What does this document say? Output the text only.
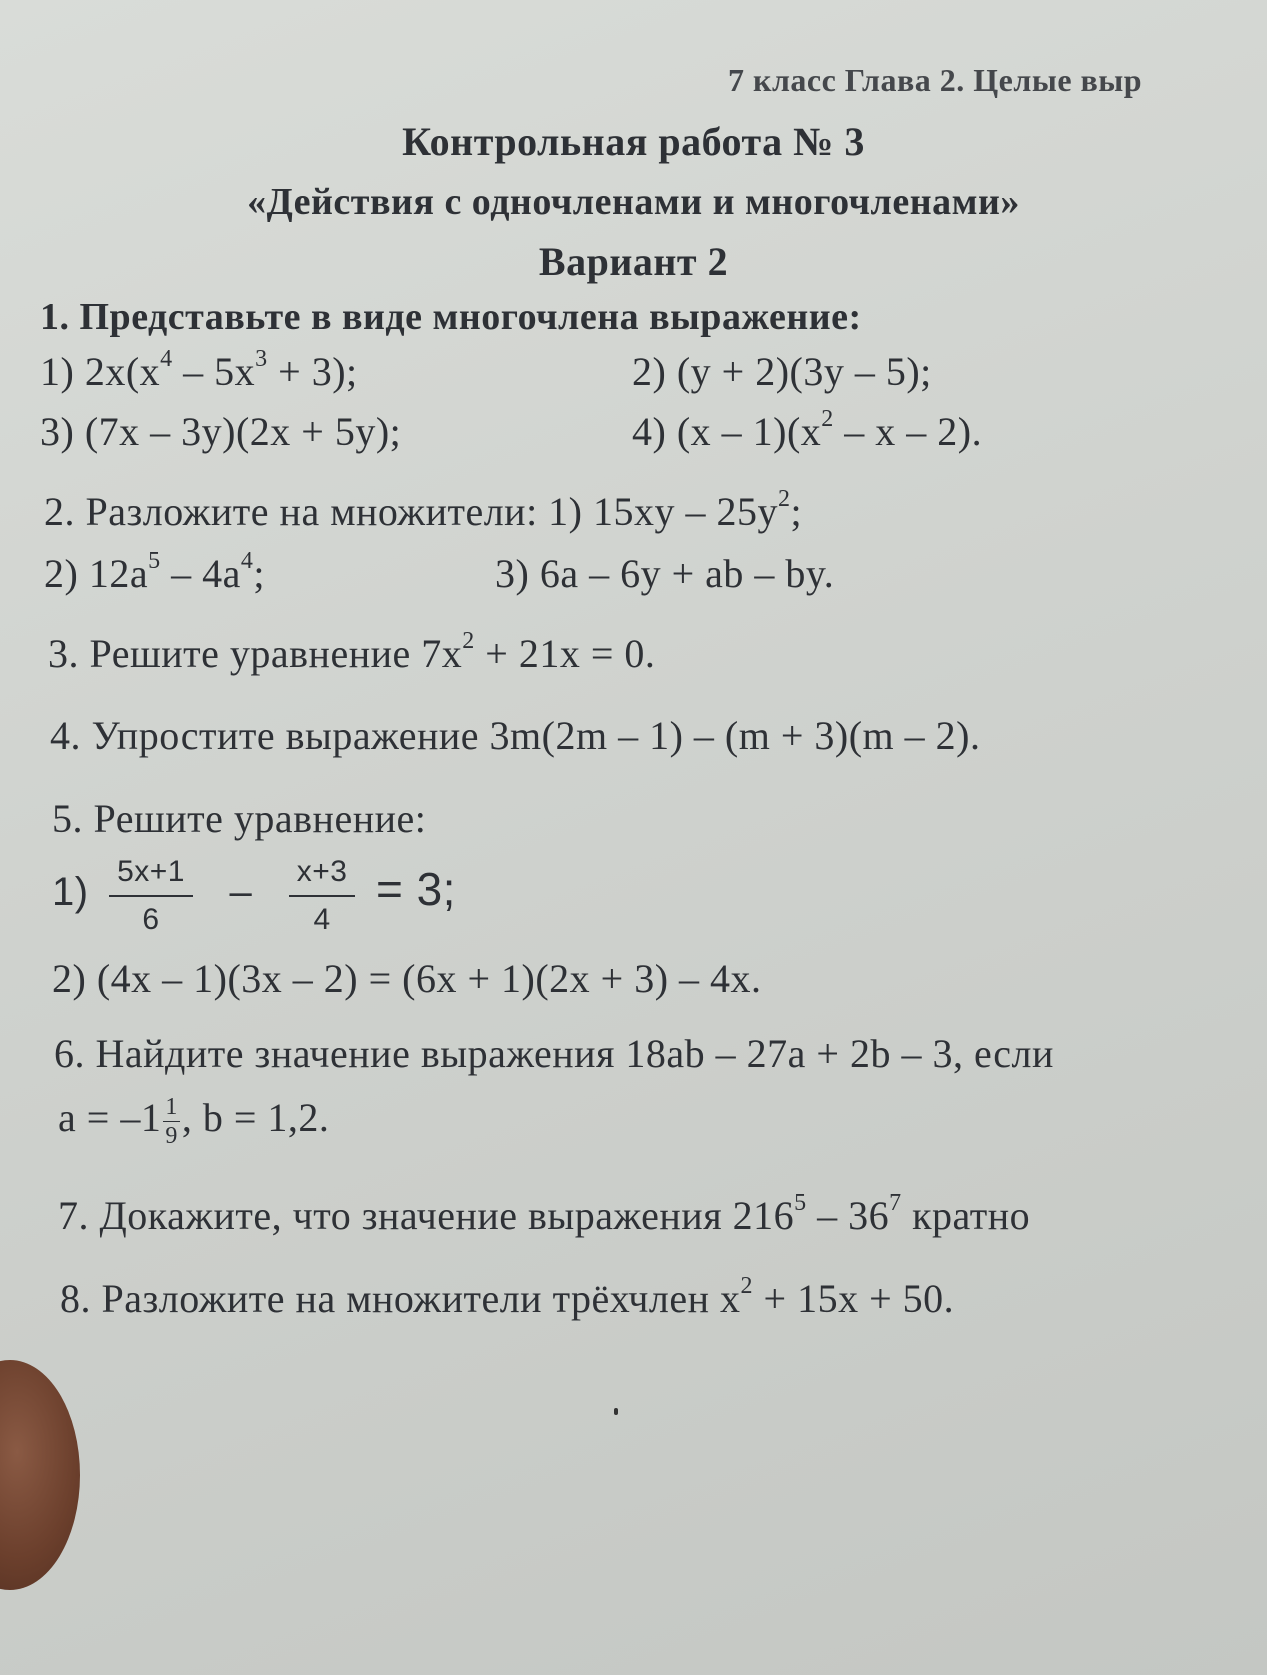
7 класс Глава 2. Целые выр
Контрольная работа № 3
«Действия с одночленами и многочленами»
Вариант 2
1. Представьте в виде многочлена выражение:
1) $2x(x^4 - 5x^3 + 3)$;	2) (y + 2)(3y – 5);
3) (7x – 3y)(2x + 5y);	4) $(x - 1)(x^2$ – x – 2).
2. Разложите на множители: 1) $15xy - 25y^2$;
2) $12a^5 - 4a^4$;	3) 6a – 6y + ab – by.
3. Решите уравнение $7x^2 + 21x = 0$.
4. Упростите выражение 3m(2m – 1) – (m + 3)(m – 2).
5. Решите уравнение:
$1) \frac{5x+1}{6} - \frac{x+3}{4} = 3$;
2) (4x – 1)(3x – 2) = (6x + 1)(2x + 3) – 4x.
6. Найдите значение выражения 18ab – 27a + 2b – 3, если
$a = -1 \frac{1}{9}$ , b = 1,2.
7. Докажите, что значение выражения $216^5 - 36^7$ кратно
8. Разложите на множители трёхчлен $x^2 + 15x + 50$.
